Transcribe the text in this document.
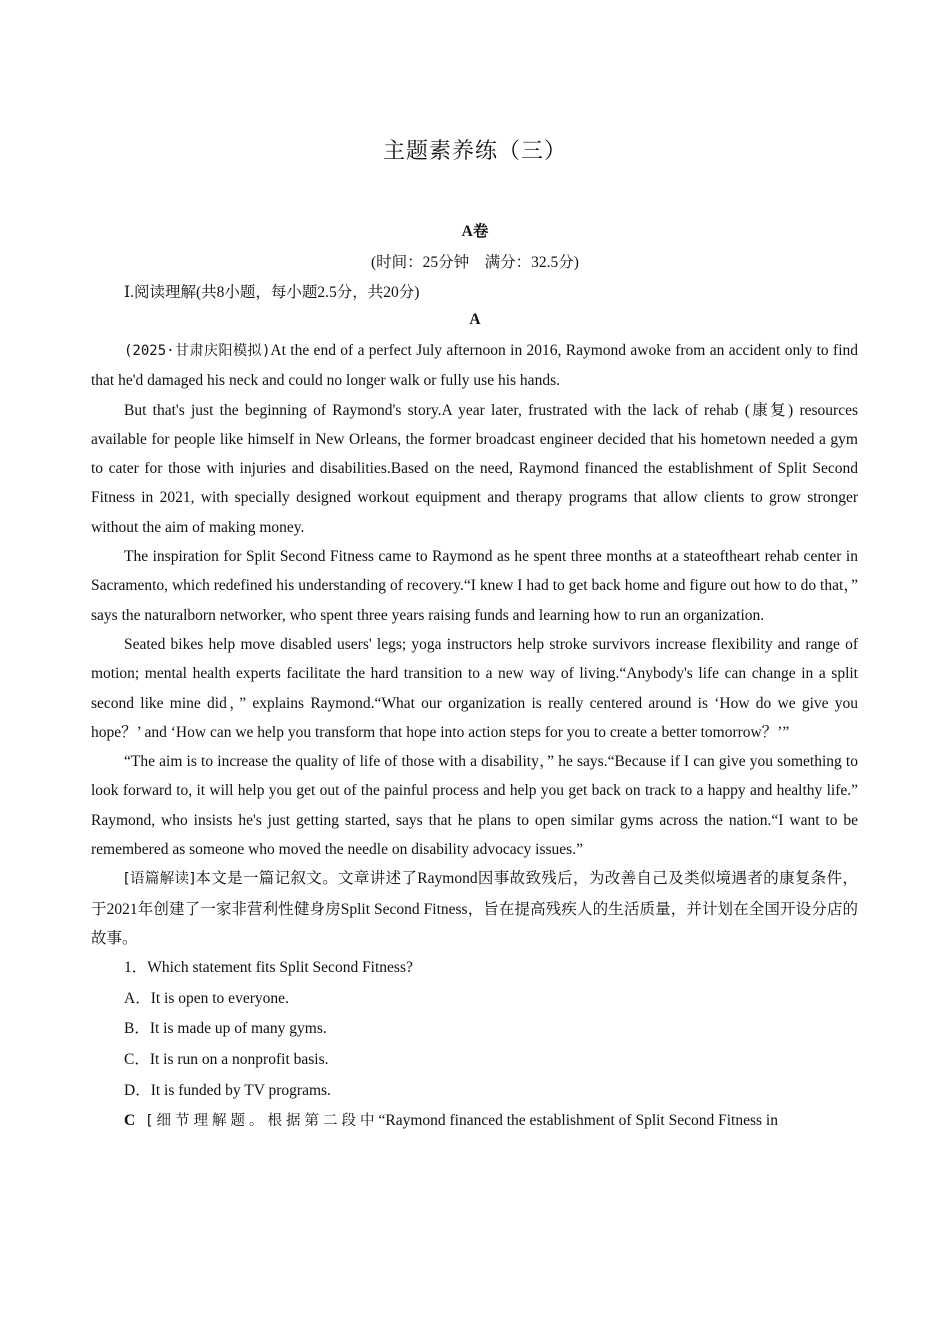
主题素养练（三）
A卷
(时间：25分钟　满分：32.5分)
Ⅰ.阅读理解(共8小题，每小题2.5分，共20分)
A

(2025·甘肃庆阳模拟)At the end of a perfect July afternoon in 2016, Raymond awoke from an accident only to find that he'd damaged his neck and could no longer walk or fully use his hands.

But that's just the beginning of Raymond's story.A year later, frustrated with the lack of rehab (康复) resources available for people like himself in New Orleans, the former broadcast engineer decided that his hometown needed a gym to cater for those with injuries and disabilities.Based on the need, Raymond financed the establishment of Split Second Fitness in 2021, with specially designed workout equipment and therapy programs that allow clients to grow stronger without the aim of making money.

The inspiration for Split Second Fitness came to Raymond as he spent three months at a stateoftheart rehab center in Sacramento, which redefined his understanding of recovery.“I knew I had to get back home and figure out how to do that，” says the naturalborn networker, who spent three years raising funds and learning how to run an organization.

Seated bikes help move disabled users' legs; yoga instructors help stroke survivors increase flexibility and range of motion; mental health experts facilitate the hard transition to a new way of living.“Anybody's life can change in a split second like mine did，” explains Raymond.“What our organization is really centered around is ‘How do we give you hope？’ and ‘How can we help you transform that hope into action steps for you to create a better tomorrow？’”

“The aim is to increase the quality of life of those with a disability，” he says.“Because if I can give you something to look forward to, it will help you get out of the painful process and help you get back on track to a happy and healthy life.” Raymond, who insists he's just getting started, says that he plans to open similar gyms across the nation.“I want to be remembered as someone who moved the needle on disability advocacy issues.”

[语篇解读]本文是一篇记叙文。文章讲述了Raymond因事故致残后，为改善自己及类似境遇者的康复条件，于2021年创建了一家非营利性健身房Split Second Fitness，旨在提高残疾人的生活质量，并计划在全国开设分店的故事。

1．Which statement fits Split Second Fitness?

A．It is open to everyone.

B．It is made up of many gyms.

C．It is run on a nonprofit basis.

D．It is funded by TV programs.

C [细节理解题。根据第二段中“Raymond financed the establishment of Split Second Fitness in
